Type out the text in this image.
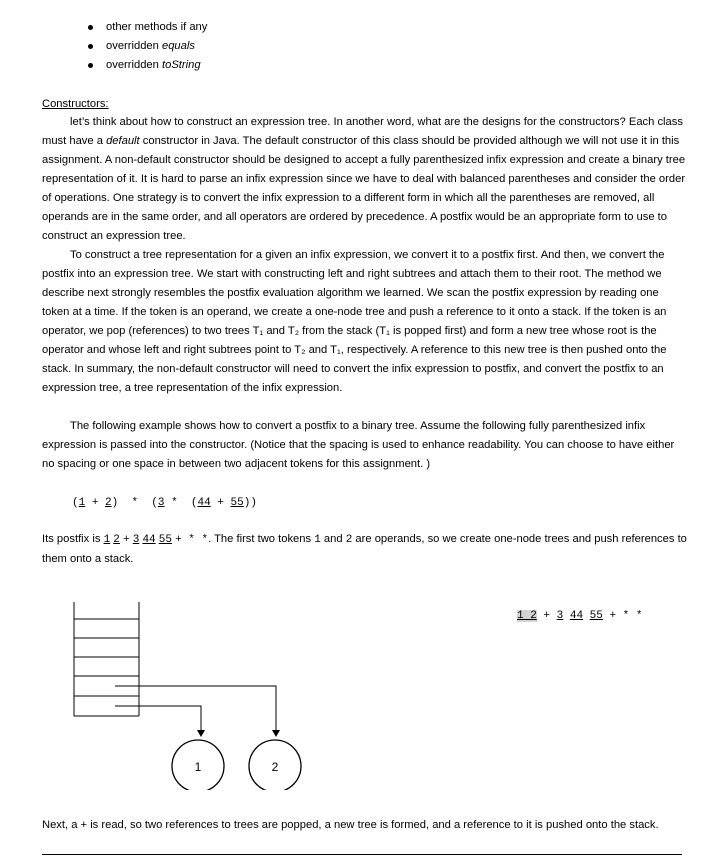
other methods if any
overridden equals
overridden toString
Constructors:

let’s think about how to construct an expression tree. In another word, what are the designs for the constructors? Each class must have a default constructor in Java. The default constructor of this class should be provided although we will not use it in this assignment. A non-default constructor should be designed to accept a fully parenthesized infix expression and create a binary tree representation of it. It is hard to parse an infix expression since we have to deal with balanced parentheses and consider the order of operations. One strategy is to convert the infix expression to a different form in which all the parentheses are removed, all operands are in the same order, and all operators are ordered by precedence. A postfix would be an appropriate form to use to construct an expression tree.

To construct a tree representation for a given an infix expression, we convert it to a postfix first. And then, we convert the postfix into an expression tree. We start with constructing left and right subtrees and attach them to their root. The method we describe next strongly resembles the postfix evaluation algorithm we learned. We scan the postfix expression by reading one token at a time. If the token is an operand, we create a one-node tree and push a reference to it onto a stack. If the token is an operator, we pop (references) to two trees T₁ and T₂ from the stack (T₁ is popped first) and form a new tree whose root is the operator and whose left and right subtrees point to T₂ and T₁, respectively. A reference to this new tree is then pushed onto the stack. In summary, the non-default constructor will need to convert the infix expression to postfix, and convert the postfix to an expression tree, a tree representation of the infix expression.

The following example shows how to convert a postfix to a binary tree. Assume the following fully parenthesized infix expression is passed into the constructor. (Notice that the spacing is used to enhance readability. You can choose to have either no spacing or one space in between two adjacent tokens for this assignment. )

(1 + 2)  *  (3 *  (44 + 55))
Its postfix is 1 2 + 3 44 55 + * *. The first two tokens 1 and 2 are operands, so we create one-node trees and push references to them onto a stack.
1 2 + 3 44 55 + * *
1	2
Next, a + is read, so two references to trees are popped, a new tree is formed, and a reference to it is pushed onto the stack.
